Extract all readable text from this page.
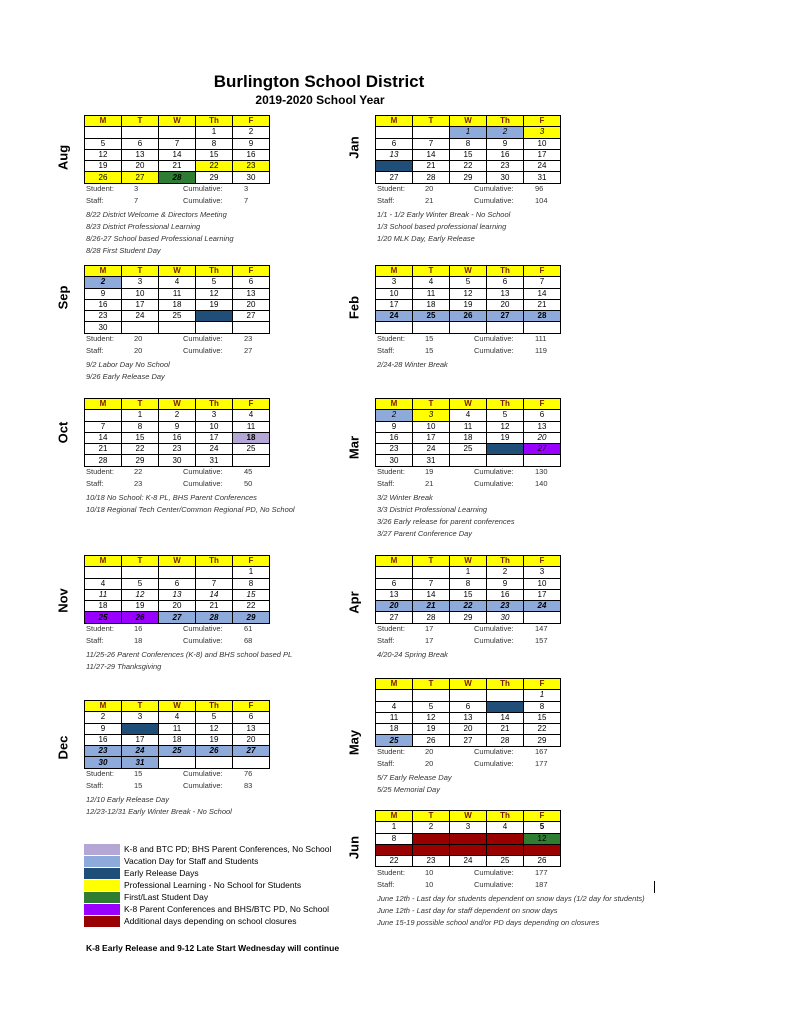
Burlington School District
2019-2020 School Year
Aug
M	T	W	Th	F
			1	2
5	6	7	8	9
12	13	14	15	16
19	20	21	22	23
26	27	28	29	30
Student:	3	Cumulative:	3
Staff:	7	Cumulative:	7
8/22 District Welcome & Directors Meeting
8/23 District Professional Learning
8/26-27 School based Professional Learning
8/28 First Student Day
Sep
M	T	W	Th	F
2	3	4	5	6
9	10	11	12	13
16	17	18	19	20
23	24	25	26	27
30				
Student:	20	Cumulative:	23
Staff:	20	Cumulative:	27
9/2 Labor Day No School
9/26 Early Release Day
Jan
M	T	W	Th	F
		1	2	3
6	7	8	9	10
13	14	15	16	17
20	21	22	23	24
27	28	29	30	31
Student:	20	Cumulative:	96
Staff:	21	Cumulative:	104
1/1 - 1/2 Early Winter Break - No School
1/3 School based professional learning
1/20 MLK Day, Early Release
Feb
M	T	W	Th	F
3	4	5	6	7
10	11	12	13	14
17	18	19	20	21
24	25	26	27	28

Student:	15	Cumulative:	111
Staff:	15	Cumulative:	119
2/24-28 Winter Break
Oct
M	T	W	Th	F
	1	2	3	4
7	8	9	10	11
14	15	16	17	18
21	22	23	24	25
28	29	30	31	
Student:	22	Cumulative:	45
Staff:	23	Cumulative:	50
10/18 No School: K-8 PL, BHS Parent Conferences
10/18 Regional Tech Center/Common Regional PD, No School
Mar
M	T	W	Th	F
2	3	4	5	6
9	10	11	12	13
16	17	18	19	20
23	24	25	26	27
30	31			
Student:	19	Cumulative:	130
Staff:	21	Cumulative:	140
3/2 Winter Break
3/3 District Professional Learning
3/26 Early release for parent conferences
3/27 Parent Conference Day
Nov
M	T	W	Th	F
				1
4	5	6	7	8
11	12	13	14	15
18	19	20	21	22
25	26	27	28	29
Student:	16	Cumulative:	61
Staff:	18	Cumulative:	68
11/25-26 Parent Conferences (K-8) and BHS school based PL
11/27-29 Thanksgiving
Apr
M	T	W	Th	F
		1	2	3
6	7	8	9	10
13	14	15	16	17
20	21	22	23	24
27	28	29	30	
Student:	17	Cumulative:	147
Staff:	17	Cumulative:	157
4/20-24 Spring Break
May
M	T	W	Th	F
				1
4	5	6	7	8
11	12	13	14	15
18	19	20	21	22
25	26	27	28	29
Student:	20	Cumulative:	167
Staff:	20	Cumulative:	177
5/7 Early Release Day
5/25 Memorial Day
Dec
M	T	W	Th	F
2	3	4	5	6
9	10	11	12	13
16	17	18	19	20
23	24	25	26	27
30	31			
Student:	15	Cumulative:	76
Staff:	15	Cumulative:	83
12/10 Early Release Day
12/23-12/31 Early Winter Break - No School
Jun
M	T	W	Th	F
1	2	3	4	5
8	9	10	11	12
15	16	17	18	19
22	23	24	25	26
Student:	10	Cumulative:	177
Staff:	10	Cumulative:	187
June 12th - Last day for students dependent on snow days (1/2 day for students)
June 12th - Last day for staff dependent on snow days
June 15-19 possible school and/or PD days depending on closures
K-8 and BTC PD; BHS Parent Conferences, No School
Vacation Day for Staff and Students
Early Release Days
Professional Learning - No School for Students
First/Last Student Day
K-8 Parent Conferences and BHS/BTC PD, No School
Additional days depending on school closures
K-8 Early Release and 9-12 Late Start Wednesday will continue
